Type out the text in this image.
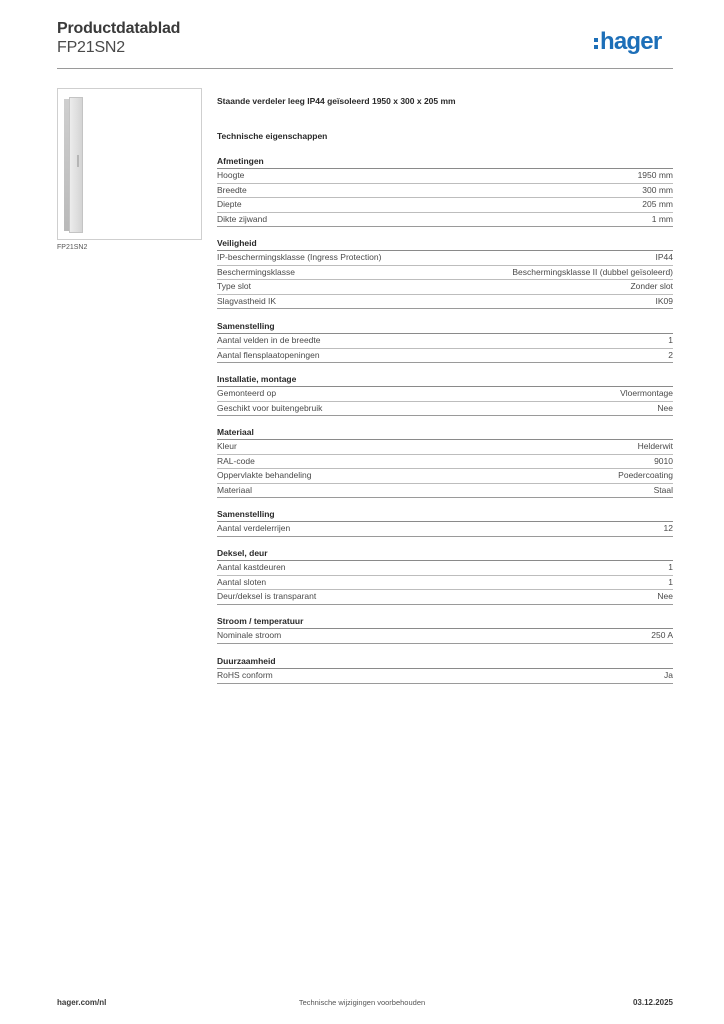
Productdatablad
FP21SN2	hager
FP21SN2
Staande verdeler leeg IP44 geïsoleerd 1950 x 300 x 205 mm
Technische eigenschappen
Afmetingen
Hoogte	1950 mm
Breedte	300 mm
Diepte	205 mm
Dikte zijwand	1 mm
Veiligheid
IP-beschermingsklasse (Ingress Protection)	IP44
Beschermingsklasse	Beschermingsklasse II (dubbel geïsoleerd)
Type slot	Zonder slot
Slagvastheid IK	IK09
Samenstelling
Aantal velden in de breedte	1
Aantal flensplaatopeningen	2
Installatie, montage
Gemonteerd op	Vloermontage
Geschikt voor buitengebruik	Nee
Materiaal
Kleur	Helderwit
RAL-code	9010
Oppervlakte behandeling	Poedercoating
Materiaal	Staal
Samenstelling
Aantal verdelerrijen	12
Deksel, deur
Aantal kastdeuren	1
Aantal sloten	1
Deur/deksel is transparant	Nee
Stroom / temperatuur
Nominale stroom	250 A
Duurzaamheid
RoHS conform	Ja
hager.com/nl	Technische wijzigingen voorbehouden	03.12.2025
